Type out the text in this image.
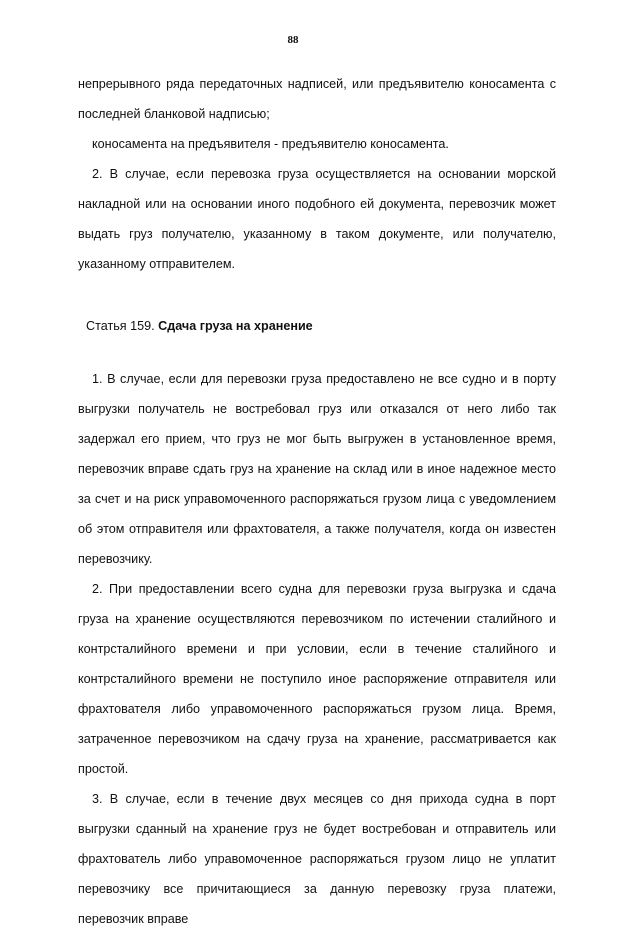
88

непрерывного ряда передаточных надписей, или предъявителю коносамента с последней бланковой надписью;

коносамента на предъявителя - предъявителю коносамента.

2. В случае, если перевозка груза осуществляется на основании морской накладной или на основании иного подобного ей документа, перевозчик может выдать груз получателю, указанному в таком документе, или получателю, указанному отправителем.

Статья 159. Сдача груза на хранение

1. В случае, если для перевозки груза предоставлено не все судно и в порту выгрузки получатель не востребовал груз или отказался от него либо так задержал его прием, что груз не мог быть выгружен в установленное время, перевозчик вправе сдать груз на хранение на склад или в иное надежное место за счет и на риск управомоченного распоряжаться грузом лица с уведомлением об этом отправителя или фрахтователя, а также получателя, когда он известен перевозчику.

2. При предоставлении всего судна для перевозки груза выгрузка и сдача груза на хранение осуществляются перевозчиком по истечении сталийного и контрсталийного времени и при условии, если в течение сталийного и контрсталийного времени не поступило иное распоряжение отправителя или фрахтователя либо управомоченного распоряжаться грузом лица. Время, затраченное перевозчиком на сдачу груза на хранение, рассматривается как простой.

3. В случае, если в течение двух месяцев со дня прихода судна в порт выгрузки сданный на хранение груз не будет востребован и отправитель или фрахтователь либо управомоченное распоряжаться грузом лицо не уплатит перевозчику все причитающиеся за данную перевозку груза платежи, перевозчик вправе
